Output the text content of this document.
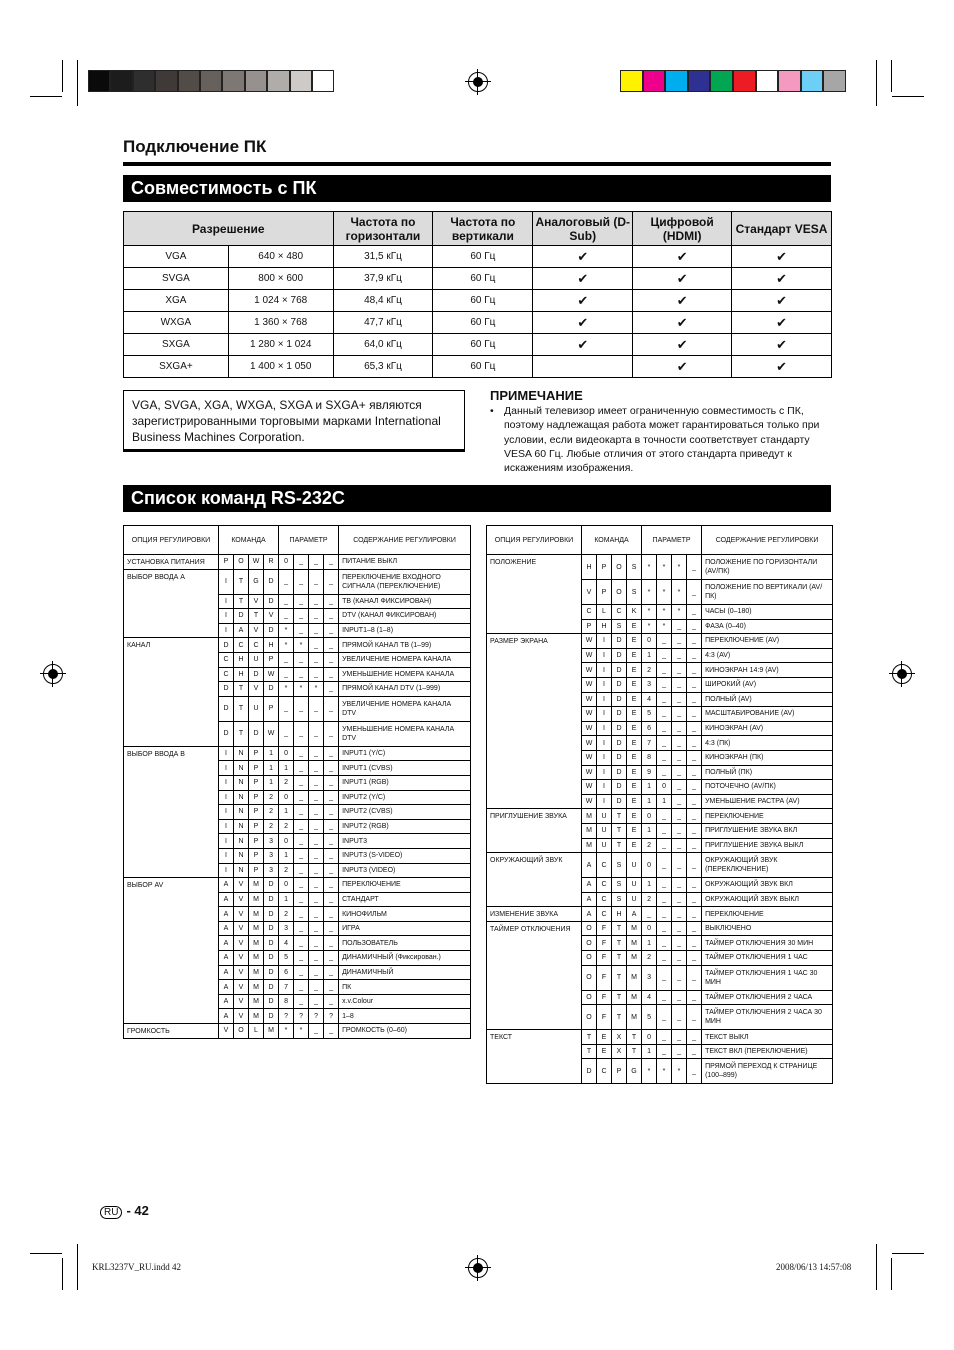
Подключение ПК
Совместимость с ПК
Разрешение		Частота по горизонтали	Частота по вертикали	Аналоговый (D-Sub)	Цифровой (HDMI)	Стандарт VESA
VGA	640 × 480	31,5 кГц	60 Гц	✔	✔	✔
SVGA	800 × 600	37,9 кГц	60 Гц	✔	✔	✔
XGA	1 024 × 768	48,4 кГц	60 Гц	✔	✔	✔
WXGA	1 360 × 768	47,7 кГц	60 Гц	✔	✔	✔
SXGA	1 280 × 1 024	64,0 кГц	60 Гц	✔	✔	✔
SXGA+	1 400 × 1 050	65,3 кГц	60 Гц		✔	✔
VGA, SVGA, XGA, WXGA, SXGA и SXGA+ являются зарегистрированными торговыми марками International Business Machines Corporation.
ПРИМЕЧАНИЕ
• Данный телевизор имеет ограниченную совместимость с ПК, поэтому надлежащая работа может гарантироваться только при условии, если видеокарта в точности соответствует стандарту VESA 60 Гц. Любые отличия от этого стандарта приведут к искажениям изображения.
Список команд RS-232C
ОПЦИЯ РЕГУЛИРОВКИ	КОМАНДА				ПАРАМЕТР				СОДЕРЖАНИЕ РЕГУЛИРОВКИ
УСТАНОВКА ПИТАНИЯ	P	O	W	R	0	_	_	_	ПИТАНИЕ ВЫКЛ
ВЫБОР ВВОДА А	I	T	G	D	_	_	_	_	ПЕРЕКЛЮЧЕНИЕ ВХОДНОГО СИГНАЛА (ПЕРЕКЛЮЧЕНИЕ)
	I	T	V	D	_	_	_	_	ТВ (КАНАЛ ФИКСИРОВАН)
	I	D	T	V	_	_	_	_	DTV (КАНАЛ ФИКСИРОВАН)
	I	A	V	D	*	_	_	_	INPUT1–8 (1–8)
КАНАЛ	D	C	C	H	*	*	_	_	ПРЯМОЙ КАНАЛ ТВ (1–99)
	C	H	U	P	_	_	_	_	УВЕЛИЧЕНИЕ НОМЕРА КАНАЛА
	C	H	D	W	_	_	_	_	УМЕНЬШЕНИЕ НОМЕРА КАНАЛА
	D	T	V	D	*	*	*	_	ПРЯМОЙ КАНАЛ DTV (1–999)
	D	T	U	P	_	_	_	_	УВЕЛИЧЕНИЕ НОМЕРА КАНАЛА DTV
	D	T	D	W	_	_	_	_	УМЕНЬШЕНИЕ НОМЕРА КАНАЛА DTV
ВЫБОР ВВОДА В	I	N	P	1	0	_	_	_	INPUT1 (Y/C)
	I	N	P	1	1	_	_	_	INPUT1 (CVBS)
	I	N	P	1	2	_	_	_	INPUT1 (RGB)
	I	N	P	2	0	_	_	_	INPUT2 (Y/C)
	I	N	P	2	1	_	_	_	INPUT2 (CVBS)
	I	N	P	2	2	_	_	_	INPUT2 (RGB)
	I	N	P	3	0	_	_	_	INPUT3
	I	N	P	3	1	_	_	_	INPUT3 (S-VIDEO)
	I	N	P	3	2	_	_	_	INPUT3 (VIDEO)
ВЫБОР AV	A	V	M	D	0	_	_	_	ПЕРЕКЛЮЧЕНИЕ
	A	V	M	D	1	_	_	_	СТАНДАРТ
	A	V	M	D	2	_	_	_	КИНОФИЛЬМ
	A	V	M	D	3	_	_	_	ИГРА
	A	V	M	D	4	_	_	_	ПОЛЬЗОВАТЕЛЬ
	A	V	M	D	5	_	_	_	ДИНАМИЧНЫЙ (Фиксирован.)
	A	V	M	D	6	_	_	_	ДИНАМИЧНЫЙ
	A	V	M	D	7	_	_	_	ПК
	A	V	M	D	8	_	_	_	x.v.Colour
	A	V	M	D	?	?	?	?	1–8
ГРОМКОСТЬ	V	O	L	M	*	*	_	_	ГРОМКОСТЬ (0–60)
ОПЦИЯ РЕГУЛИРОВКИ	КОМАНДА				ПАРАМЕТР				СОДЕРЖАНИЕ РЕГУЛИРОВКИ
ПОЛОЖЕНИЕ	H	P	O	S	*	*	*	_	ПОЛОЖЕНИЕ ПО ГОРИЗОНТАЛИ (AV/ПК)
	V	P	O	S	*	*	*	_	ПОЛОЖЕНИЕ ПО ВЕРТИКАЛИ (AV/ПК)
	C	L	C	K	*	*	*	_	ЧАСЫ (0–180)
	P	H	S	E	*	*	_	_	ФАЗА (0–40)
РАЗМЕР ЭКРАНА	W	I	D	E	0	_	_	_	ПЕРЕКЛЮЧЕНИЕ (AV)
	W	I	D	E	1	_	_	_	4:3 (AV)
	W	I	D	E	2	_	_	_	КИНОЭКРАН 14:9 (AV)
	W	I	D	E	3	_	_	_	ШИРОКИЙ (AV)
	W	I	D	E	4	_	_	_	ПОЛНЫЙ (AV)
	W	I	D	E	5	_	_	_	МАСШТАБИРОВАНИЕ (AV)
	W	I	D	E	6	_	_	_	КИНОЭКРАН (AV)
	W	I	D	E	7	_	_	_	4:3 (ПК)
	W	I	D	E	8	_	_	_	КИНОЭКРАН (ПК)
	W	I	D	E	9	_	_	_	ПОЛНЫЙ (ПК)
	W	I	D	E	1	0	_	_	ПОТОЧЕЧНО (AV/ПК)
	W	I	D	E	1	1	_	_	УМЕНЬШЕНИЕ РАСТРА (AV)
ПРИГЛУШЕНИЕ ЗВУКА	M	U	T	E	0	_	_	_	ПЕРЕКЛЮЧЕНИЕ
	M	U	T	E	1	_	_	_	ПРИГЛУШЕНИЕ ЗВУКА ВКЛ
	M	U	T	E	2	_	_	_	ПРИГЛУШЕНИЕ ЗВУКА ВЫКЛ
ОКРУЖАЮЩИЙ ЗВУК	A	C	S	U	0	_	_	_	ОКРУЖАЮЩИЙ ЗВУК (ПЕРЕКЛЮЧЕНИЕ)
	A	C	S	U	1	_	_	_	ОКРУЖАЮЩИЙ ЗВУК ВКЛ
	A	C	S	U	2	_	_	_	ОКРУЖАЮЩИЙ ЗВУК ВЫКЛ
ИЗМЕНЕНИЕ ЗВУКА	A	C	H	A	_	_	_	_	ПЕРЕКЛЮЧЕНИЕ
ТАЙМЕР ОТКЛЮЧЕНИЯ	O	F	T	M	0	_	_	_	ВЫКЛЮЧЕНО
	O	F	T	M	1	_	_	_	ТАЙМЕР ОТКЛЮЧЕНИЯ 30 МИН
	O	F	T	M	2	_	_	_	ТАЙМЕР ОТКЛЮЧЕНИЯ 1 ЧАС
	O	F	T	M	3	_	_	_	ТАЙМЕР ОТКЛЮЧЕНИЯ 1 ЧАС 30 МИН
	O	F	T	M	4	_	_	_	ТАЙМЕР ОТКЛЮЧЕНИЯ 2 ЧАСА
	O	F	T	M	5	_	_	_	ТАЙМЕР ОТКЛЮЧЕНИЯ 2 ЧАСА 30 МИН
ТЕКСТ	T	E	X	T	0	_	_	_	ТЕКСТ ВЫКЛ
	T	E	X	T	1	_	_	_	ТЕКСТ ВКЛ (ПЕРЕКЛЮЧЕНИЕ)
	D	C	P	G	*	*	*	_	ПРЯМОЙ ПЕРЕХОД К СТРАНИЦЕ (100–899)
RU - 42
KRL3237V_RU.indd 42	2008/06/13 14:57:08
